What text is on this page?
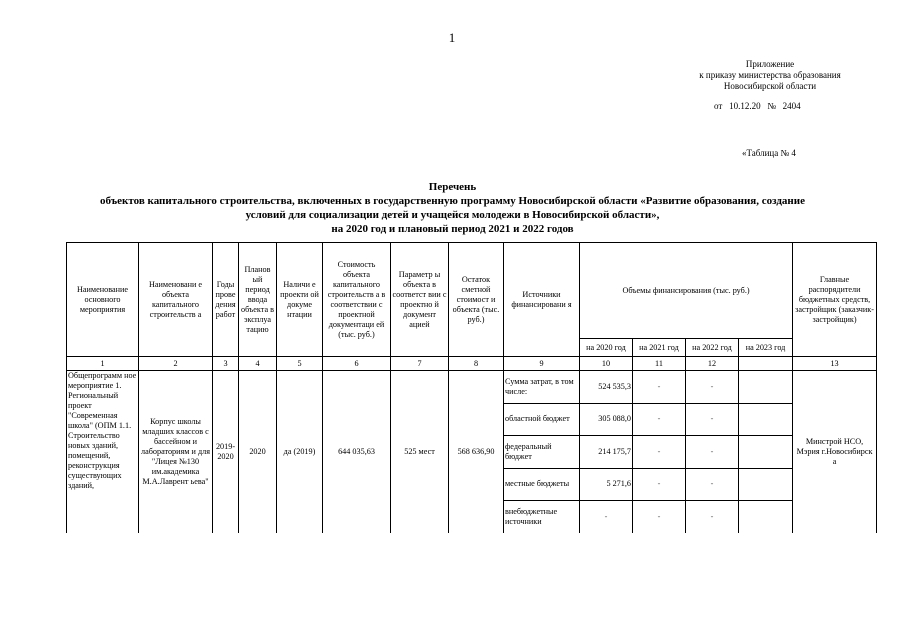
1
Приложение
к приказу министерства образования
Новосибирской области
от   10.12.20   №   2404
«Таблица № 4
Перечень
объектов капитального строительства, включенных в государственную программу Новосибирской области «Развитие образования, создание
условий для социализации детей и учащейся молодежи в Новосибирской области»,
на 2020 год и плановый период 2021 и 2022 годов
Наименование основного мероприятия	Наименовани е объекта капитального строительств а	Годы прове дения работ	Планов ый период ввода объекта в эксплуа тацию	Наличи е проекти ой докуме нтации	Стоимость объекта капитального строительств а в соответствии с проектной документаци ей (тыс. руб.)	Параметр ы объекта в соответст вии с проектно й документ ацией	Остаток сметной стоимост и объекта (тыс. руб.)	Источники финансировани я	Объемы финансирования (тыс. руб.)				Главные распорядители бюджетных средств, застройщик (заказчик-застройщик)
									на 2020 год	на 2021 год	на 2022 год	на 2023 год	
1	2	3	4	5	6	7	8	9	10	11	12		13
Общепрограмм ное мероприятие 1. Региональный проект "Современная школа" (ОПМ 1.1. Строительство новых зданий, помещений, реконструкция существующих зданий,	Корпус школы младших классов с бассейном и лабораториям и для "Лицея №130 им.академика М.А.Лаврент ьева"	2019-2020	2020	да (2019)	644 035,63	525 мест	568 636,90	Сумма затрат, в том числе:	524 535,3	-	-		Минстрой НСО, Мэрия г.Новосибирск а
								областной бюджет	305 088,0	-	-		
								федеральный бюджет	214 175,7	-	-		
								местные бюджеты	5 271,6	-	-		
								внебюджетные источники	-	-	-		
